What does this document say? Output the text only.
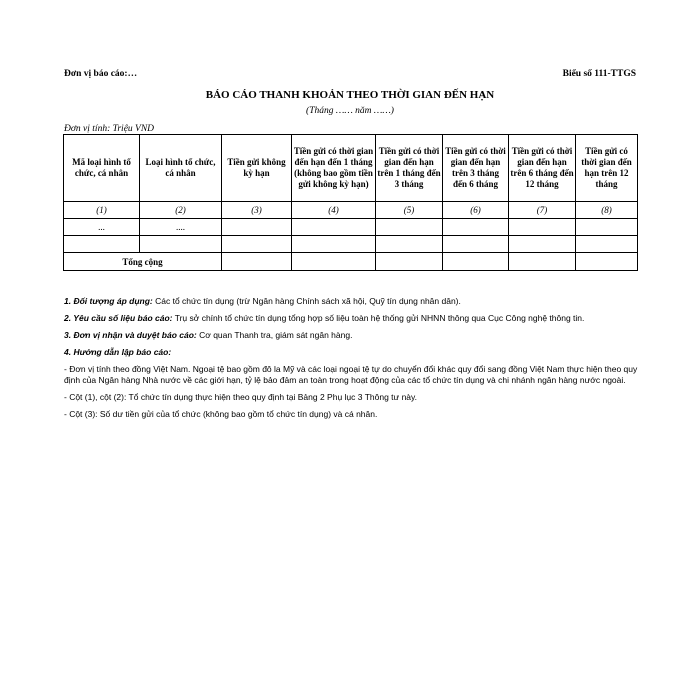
Đơn vị báo cáo:…	Biểu số 111-TTGS
BÁO CÁO THANH KHOẢN THEO THỜI GIAN ĐẾN HẠN
(Tháng …… năm ……)
Đơn vị tính: Triệu VND
Mã loại hình tổ chức, cá nhân	Loại hình tổ chức, cá nhân	Tiền gửi không kỳ hạn	Tiền gửi có thời gian đến hạn đến 1 tháng (không bao gồm tiền gửi không kỳ hạn)	Tiền gửi có thời gian đến hạn trên 1 tháng đến 3 tháng	Tiền gửi có thời gian đến hạn trên 3 tháng đến 6 tháng	Tiền gửi có thời gian đến hạn trên 6 tháng đến 12 tháng	Tiền gửi có thời gian đến hạn trên 12 tháng
(1)	(2)	(3)	(4)	(5)	(6)	(7)	(8)
...	....						

Tổng cộng							

1. Đối tượng áp dụng: Các tổ chức tín dụng (trừ Ngân hàng Chính sách xã hội, Quỹ tín dụng nhân dân).

2. Yêu cầu số liệu báo cáo: Trụ sở chính tổ chức tín dụng tổng hợp số liệu toàn hệ thống gửi NHNN thông qua Cục Công nghệ thông tin.

3. Đơn vị nhận và duyệt báo cáo: Cơ quan Thanh tra, giám sát ngân hàng.

4. Hướng dẫn lập báo cáo:

- Đơn vị tính theo đồng Việt Nam. Ngoại tệ bao gồm đô la Mỹ và các loại ngoại tệ tự do chuyển đổi khác quy đổi sang đồng Việt Nam thực hiện theo quy định của Ngân hàng Nhà nước về các giới hạn, tỷ lệ bảo đảm an toàn trong hoạt động của các tổ chức tín dụng và chi nhánh ngân hàng nước ngoài.

- Cột (1), cột (2): Tổ chức tín dụng thực hiện theo quy định tại Bảng 2 Phụ lục 3 Thông tư này.

- Cột (3): Số dư tiền gửi của tổ chức (không bao gồm tổ chức tín dụng) và cá nhân.
